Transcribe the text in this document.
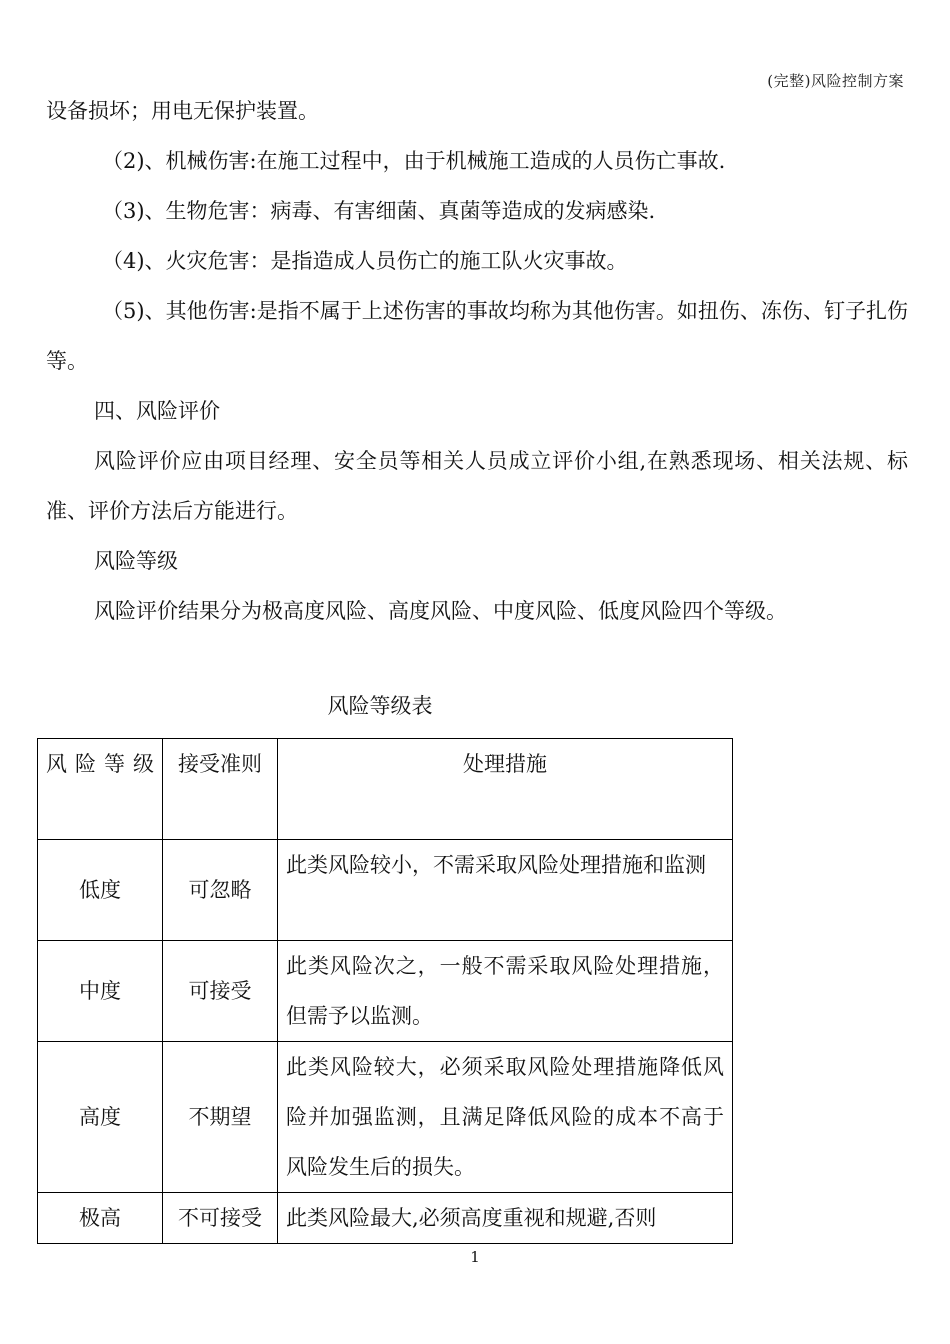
(完整)风险控制方案

设备损坏；用电无保护装置。

（2)、机械伤害:在施工过程中，由于机械施工造成的人员伤亡事故.

（3)、生物危害：病毒、有害细菌、真菌等造成的发病感染.

（4)、火灾危害：是指造成人员伤亡的施工队火灾事故。

（5)、其他伤害:是指不属于上述伤害的事故均称为其他伤害。如扭伤、冻伤、钉子扎伤等。

四、风险评价

风险评价应由项目经理、安全员等相关人员成立评价小组,在熟悉现场、相关法规、标准、评价方法后方能进行。

风险等级

风险评价结果分为极高度风险、高度风险、中度风险、低度风险四个等级。

风险等级表
风险等级	接受准则	处理措施
低度	可忽略	此类风险较小，不需采取风险处理措施和监测
中度	可接受	此类风险次之，一般不需采取风险处理措施，但需予以监测。
高度	不期望	此类风险较大，必须采取风险处理措施降低风险并加强监测，且满足降低风险的成本不高于风险发生后的损失。
极高	不可接受	此类风险最大,必须高度重视和规避,否则
1
